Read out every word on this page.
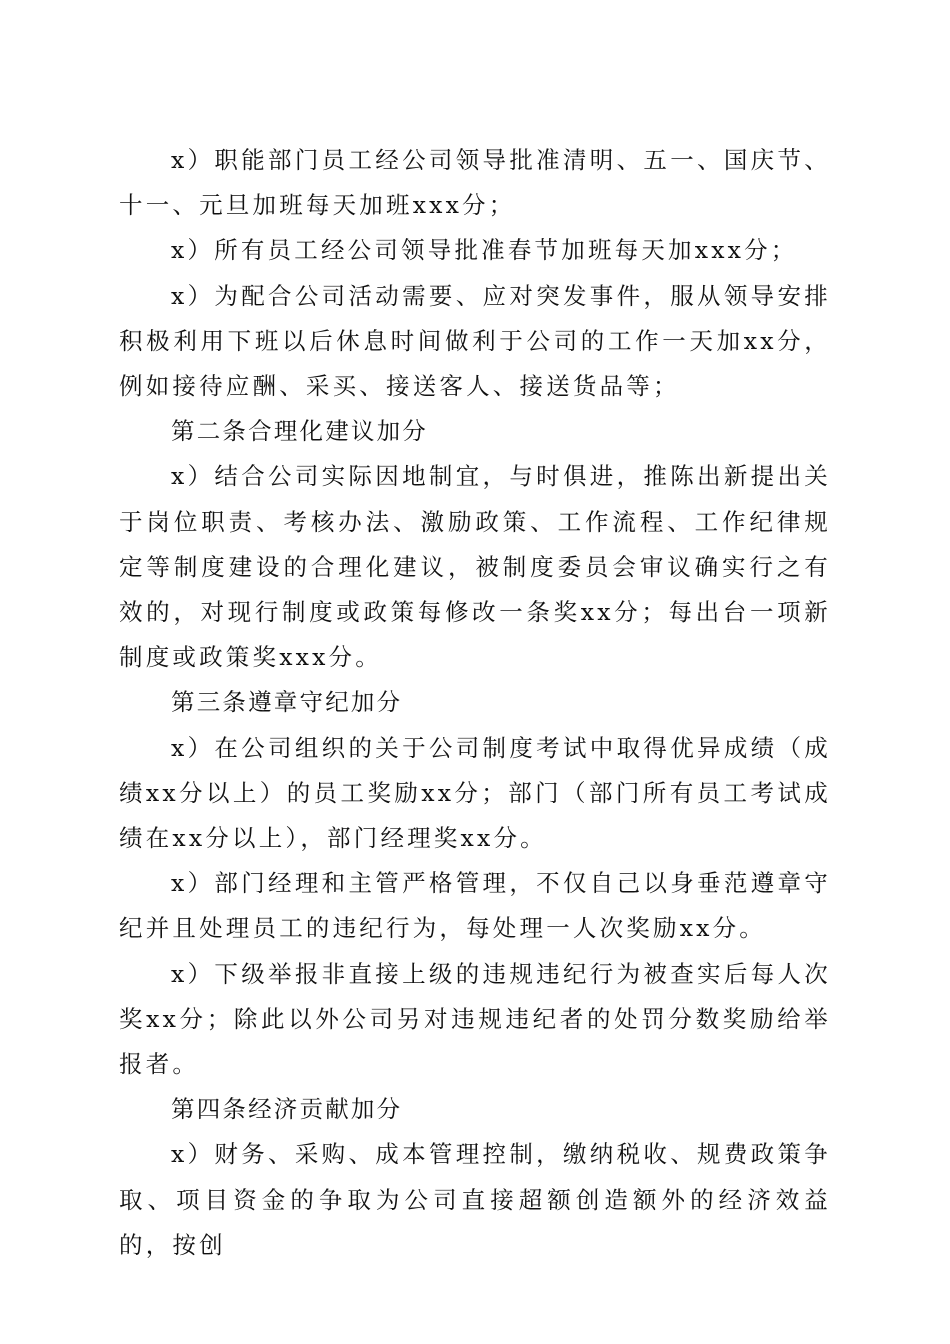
x）职能部门员工经公司领导批准清明、五一、国庆节、十一、元旦加班每天加班xxx分；

x）所有员工经公司领导批准春节加班每天加xxx分；

x）为配合公司活动需要、应对突发事件，服从领导安排积极利用下班以后休息时间做利于公司的工作一天加xx分，例如接待应酬、采买、接送客人、接送货品等；

第二条合理化建议加分

x）结合公司实际因地制宜，与时俱进，推陈出新提出关于岗位职责、考核办法、激励政策、工作流程、工作纪律规定等制度建设的合理化建议，被制度委员会审议确实行之有效的，对现行制度或政策每修改一条奖xx分；每出台一项新制度或政策奖xxx分。

第三条遵章守纪加分

x）在公司组织的关于公司制度考试中取得优异成绩（成绩xx分以上）的员工奖励xx分；部门（部门所有员工考试成绩在xx分以上），部门经理奖xx分。

x）部门经理和主管严格管理，不仅自己以身垂范遵章守纪并且处理员工的违纪行为，每处理一人次奖励xx分。

x）下级举报非直接上级的违规违纪行为被查实后每人次奖xx分；除此以外公司另对违规违纪者的处罚分数奖励给举报者。

第四条经济贡献加分

x）财务、采购、成本管理控制，缴纳税收、规费政策争取、项目资金的争取为公司直接超额创造额外的经济效益的，按创
